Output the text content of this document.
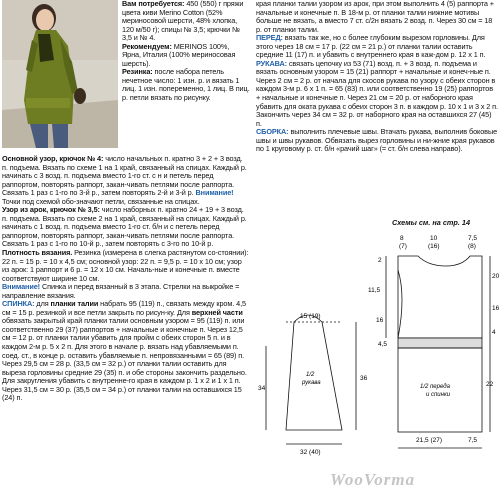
Вам потребуется: 450 (550) г пряжи цвета киви Merino Cotton (52% мериносовой шерсти, 48% хлопка, 120 м/50 г); спицы № 3,5; крючки № 3,5 и № 4.

Рекомендуем: MERINOS 100%, Ярна, Италия (100% мериносовая шерсть).

Резинка: после набора петель нечетное число: 1 изн. р. и вязать 1 лиц. 1 изн. попеременно, 1 лиц. В пиц. р. петли вязать по рисунку.

Основной узор, крючок № 4: число начальных п. кратно 3 + 2 + 3 возд. п. подъема. Вязать по схеме 1 на 1 край, связанный на спицах. Каждый р. начинать с 3 возд. п. подъема вместо 1-го ст. с н и петель перед раппортом, повторять раппорт, закан-чивать петлями после раппорта. Связать 1 раз с 1-го по 3-й р., затем повторять 2-й и 3-й р. Внимание! Точки под схемой обо-значают петли, связанные на спицах.

Узор из арок, крючок № 3,5: число наборных п. кратно 24 + 19 + 3 возд. п. подъема. Вязать по схеме 2 на 1 край, связанный на спицах. Каждый р. начинать с 1 возд. п. подъема вместо 1-го ст. б/н и с петель перед раппортом, повторять раппорт, закан-чивать петлями после раппорта. Связать 1 раз с 1-го по 10-й р., затем повторять с 3-го по 10-й р.

Плотность вязания. Резинка (измерена в слегка растянутом со-стоянии): 22 п. = 15 р. = 10 х 4,5 см; основной узор: 22 п. = 9,5 р. = 10 х 10 см; узор из арок: 1 раппорт и 6 р. = 12 х 10 см. Началь-ные и конечные п. вместе соответствуют ширине 10 см.

Внимание! Спинка и перед вязанный в 3 этапа. Стрелки на выкройке = направление вязания.

СПИНКА: для планки талии набрать 95 (119) п., связать между кром. 4,5 см = 15 р. резинкой и все петли закрыть по рисун-ку. Для верхней части обвязать закрытый край планки талии основным узором = 95 (119) п. или соответственно 29 (37) раппортов + начальные и конечные п. Через 12,5 см = 12 р. от планки талии убавить для пройм с обеих сторон 5 п. и в каждом 2-м р. 5 х 2 п. Для этого в начале р. вязать над убавляемыми п. соед. ст., в конце р. оставить убавляемые п. непровязанными = 65 (89) п. Через 29,5 см = 28 р. (33,5 см = 32 р.) от планки талии оставить для выреза горловины средние 29 (35) п. и обе стороны закончить раздельно. Для закругления убавить с внутренне-го края в каждом р. 1 х 2 и 1 х 1 п. Через 31,5 см = 30 р. (35,5 см = 34 р.) от планки талии на оставшихся 15 (24) п.

края планки талии узором из арок, при этом выполнить 4 (5) раппорта + начальные и конечные п. В 18-м р. от планки талии нижние мотивы больше не вязать, а вместо 7 ст. с/2н вязать 2 возд. п. Через 30 см = 18 р. от планки талии.

ПЕРЕД: вязать так же, но с более глубоким вырезом горловины. Для этого через 18 см = 17 р. (22 см = 21 р.) от планки талии оставить средние 11 (17) п. и убавить с внутреннего края в каж-дом р. 12 х 1 п.

РУКАВА: связать цепочку из 53 (71) возд. п. + 3 возд. п. подъема и вязать основным узором = 15 (21) раппорт + начальные и конеч-ные п. Через 2 см = 2 р. от начала для скосов рукава по узору с обеих сторон в каждом 3-м р. 6 х 1 п. = 65 (83) п. или соответственно 19 (25) раппортов + начальные и конечные п. Через 21 см = 20 р. от наборного края убавить для оката рукава с обеих сторон 3 п. в каждом р. 10 х 1 и 3 х 2 п. Закончить через 34 см = 32 р. от наборного края на оставшихся 27 (45) п.

СБОРКА: выполнить плечевые швы. Втачать рукава, выполнив боковые швы и швы рукавов. Обвязать вырез горловины и ни-жние края рукавов по 1 круговому р. ст. б/н «рачий шаг» (= ст. б/н слева направо).

Схемы см. на стр. 14
15 (19)
36
34
32 (40)
1/2
рукава
8
(7)
10
(16)
7,5
(8)
2
11,5
16
20
16
4
4,5
1/2 переда
и спинки
21,5 (27)	7,5
22
WooVorma
